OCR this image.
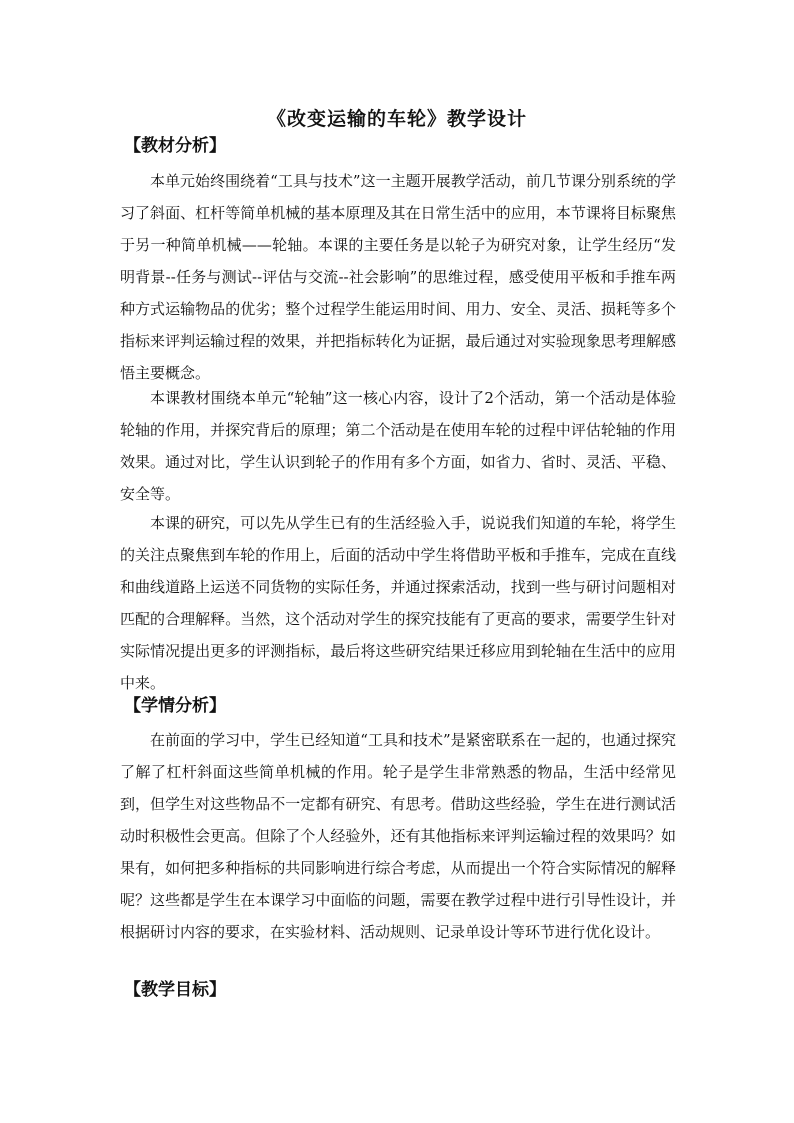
《改变运输的车轮》教学设计
【教材分析】

本单元始终围绕着“工具与技术”这一主题开展教学活动，前几节课分别系统的学习了斜面、杠杆等简单机械的基本原理及其在日常生活中的应用，本节课将目标聚焦于另一种简单机械——轮轴。本课的主要任务是以轮子为研究对象，让学生经历“发明背景--任务与测试--评估与交流--社会影响”的思维过程，感受使用平板和手推车两种方式运输物品的优劣；整个过程学生能运用时间、用力、安全、灵活、损耗等多个指标来评判运输过程的效果，并把指标转化为证据，最后通过对实验现象思考理解感悟主要概念。

本课教材围绕本单元“轮轴”这一核心内容，设计了2个活动，第一个活动是体验轮轴的作用，并探究背后的原理；第二个活动是在使用车轮的过程中评估轮轴的作用效果。通过对比，学生认识到轮子的作用有多个方面，如省力、省时、灵活、平稳、安全等。

本课的研究，可以先从学生已有的生活经验入手，说说我们知道的车轮，将学生的关注点聚焦到车轮的作用上，后面的活动中学生将借助平板和手推车，完成在直线和曲线道路上运送不同货物的实际任务，并通过探索活动，找到一些与研讨问题相对匹配的合理解释。当然，这个活动对学生的探究技能有了更高的要求，需要学生针对实际情况提出更多的评测指标，最后将这些研究结果迁移应用到轮轴在生活中的应用中来。

【学情分析】

在前面的学习中，学生已经知道“工具和技术”是紧密联系在一起的，也通过探究了解了杠杆斜面这些简单机械的作用。轮子是学生非常熟悉的物品，生活中经常见到，但学生对这些物品不一定都有研究、有思考。借助这些经验，学生在进行测试活动时积极性会更高。但除了个人经验外，还有其他指标来评判运输过程的效果吗？如果有，如何把多种指标的共同影响进行综合考虑，从而提出一个符合实际情况的解释呢？这些都是学生在本课学习中面临的问题，需要在教学过程中进行引导性设计，并根据研讨内容的要求，在实验材料、活动规则、记录单设计等环节进行优化设计。

【教学目标】
